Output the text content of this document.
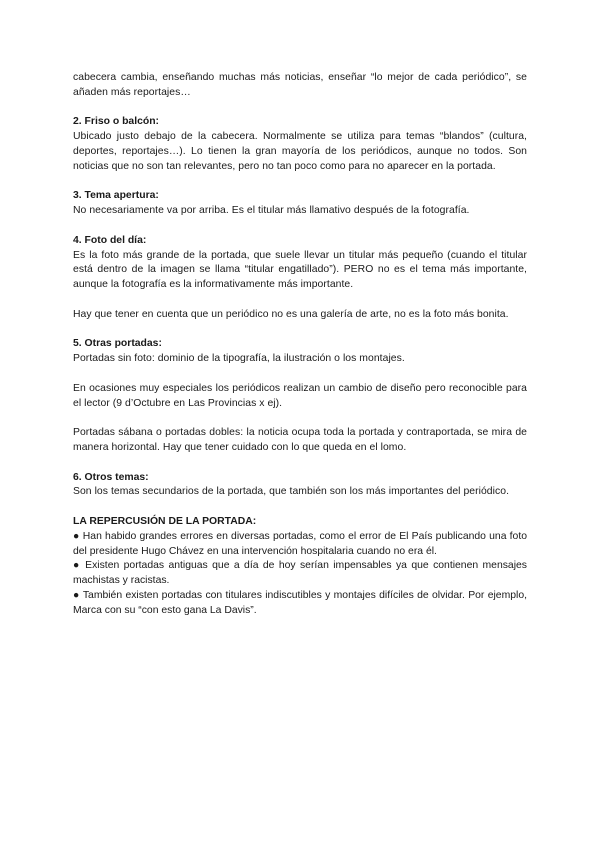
cabecera cambia, enseñando muchas más noticias, enseñar “lo mejor de cada periódico”, se añaden más reportajes…

2. Friso o balcón:

Ubicado justo debajo de la cabecera. Normalmente se utiliza para temas “blandos” (cultura, deportes, reportajes…). Lo tienen la gran mayoría de los periódicos, aunque no todos. Son noticias que no son tan relevantes, pero no tan poco como para no aparecer en la portada.

3. Tema apertura:

No necesariamente va por arriba. Es el titular más llamativo después de la fotografía.

4. Foto del día:

Es la foto más grande de la portada, que suele llevar un titular más pequeño (cuando el titular está dentro de la imagen se llama “titular engatillado”). PERO no es el tema más importante, aunque la fotografía es la informativamente más importante.

Hay que tener en cuenta que un periódico no es una galería de arte, no es la foto más bonita.

5. Otras portadas:

Portadas sin foto: dominio de la tipografía, la ilustración o los montajes.

En ocasiones muy especiales los periódicos realizan un cambio de diseño pero reconocible para el lector (9 d’Octubre en Las Provincias x ej).

Portadas sábana o portadas dobles: la noticia ocupa toda la portada y contraportada, se mira de manera horizontal. Hay que tener cuidado con lo que queda en el lomo.

6. Otros temas:

Son los temas secundarios de la portada, que también son los más importantes del periódico.

LA REPERCUSIÓN DE LA PORTADA:

● Han habido grandes errores en diversas portadas, como el error de El País publicando una foto del presidente Hugo Chávez en una intervención hospitalaria cuando no era él.

● Existen portadas antiguas que a día de hoy serían impensables ya que contienen mensajes machistas y racistas.

● También existen portadas con titulares indiscutibles y montajes difíciles de olvidar. Por ejemplo, Marca con su “con esto gana La Davis”.
